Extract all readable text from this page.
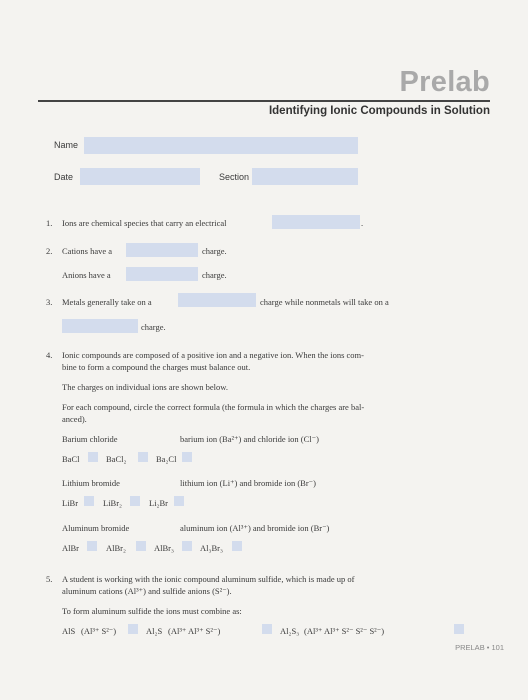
Prelab
Identifying Ionic Compounds in Solution
Name
Date	Section
1. Ions are chemical species that carry an electrical	.
2. Cations have a	charge.
Anions have a	charge.
3. Metals generally take on a	charge while nonmetals will take on a
charge.
4. Ionic compounds are composed of a positive ion and a negative ion. When the ions com-
bine to form a compound the charges must balance out.
The charges on individual ions are shown below.
For each compound, circle the correct formula (the formula in which the charges are bal-
anced).
Barium chloride	barium ion (Ba²⁺) and chloride ion (Cl⁻)
BaCl	BaCl₂	Ba₂Cl
Lithium bromide	lithium ion (Li⁺) and bromide ion (Br⁻)
LiBr	LiBr₂	Li₂Br
Aluminum bromide	aluminum ion (Al³⁺) and bromide ion (Br⁻)
AlBr	AlBr₂	AlBr₃	Al₃Br₃
5. A student is working with the ionic compound aluminum sulfide, which is made up of
aluminum cations (Al³⁺) and sulfide anions (S²⁻).
To form aluminum sulfide the ions must combine as:
AlS (Al³⁺ S²⁻)	Al₂S (Al³⁺ Al³⁺ S²⁻)	Al₂S₃ (Al³⁺ Al³⁺ S²⁻ S²⁻ S²⁻)
PRELAB • 101
